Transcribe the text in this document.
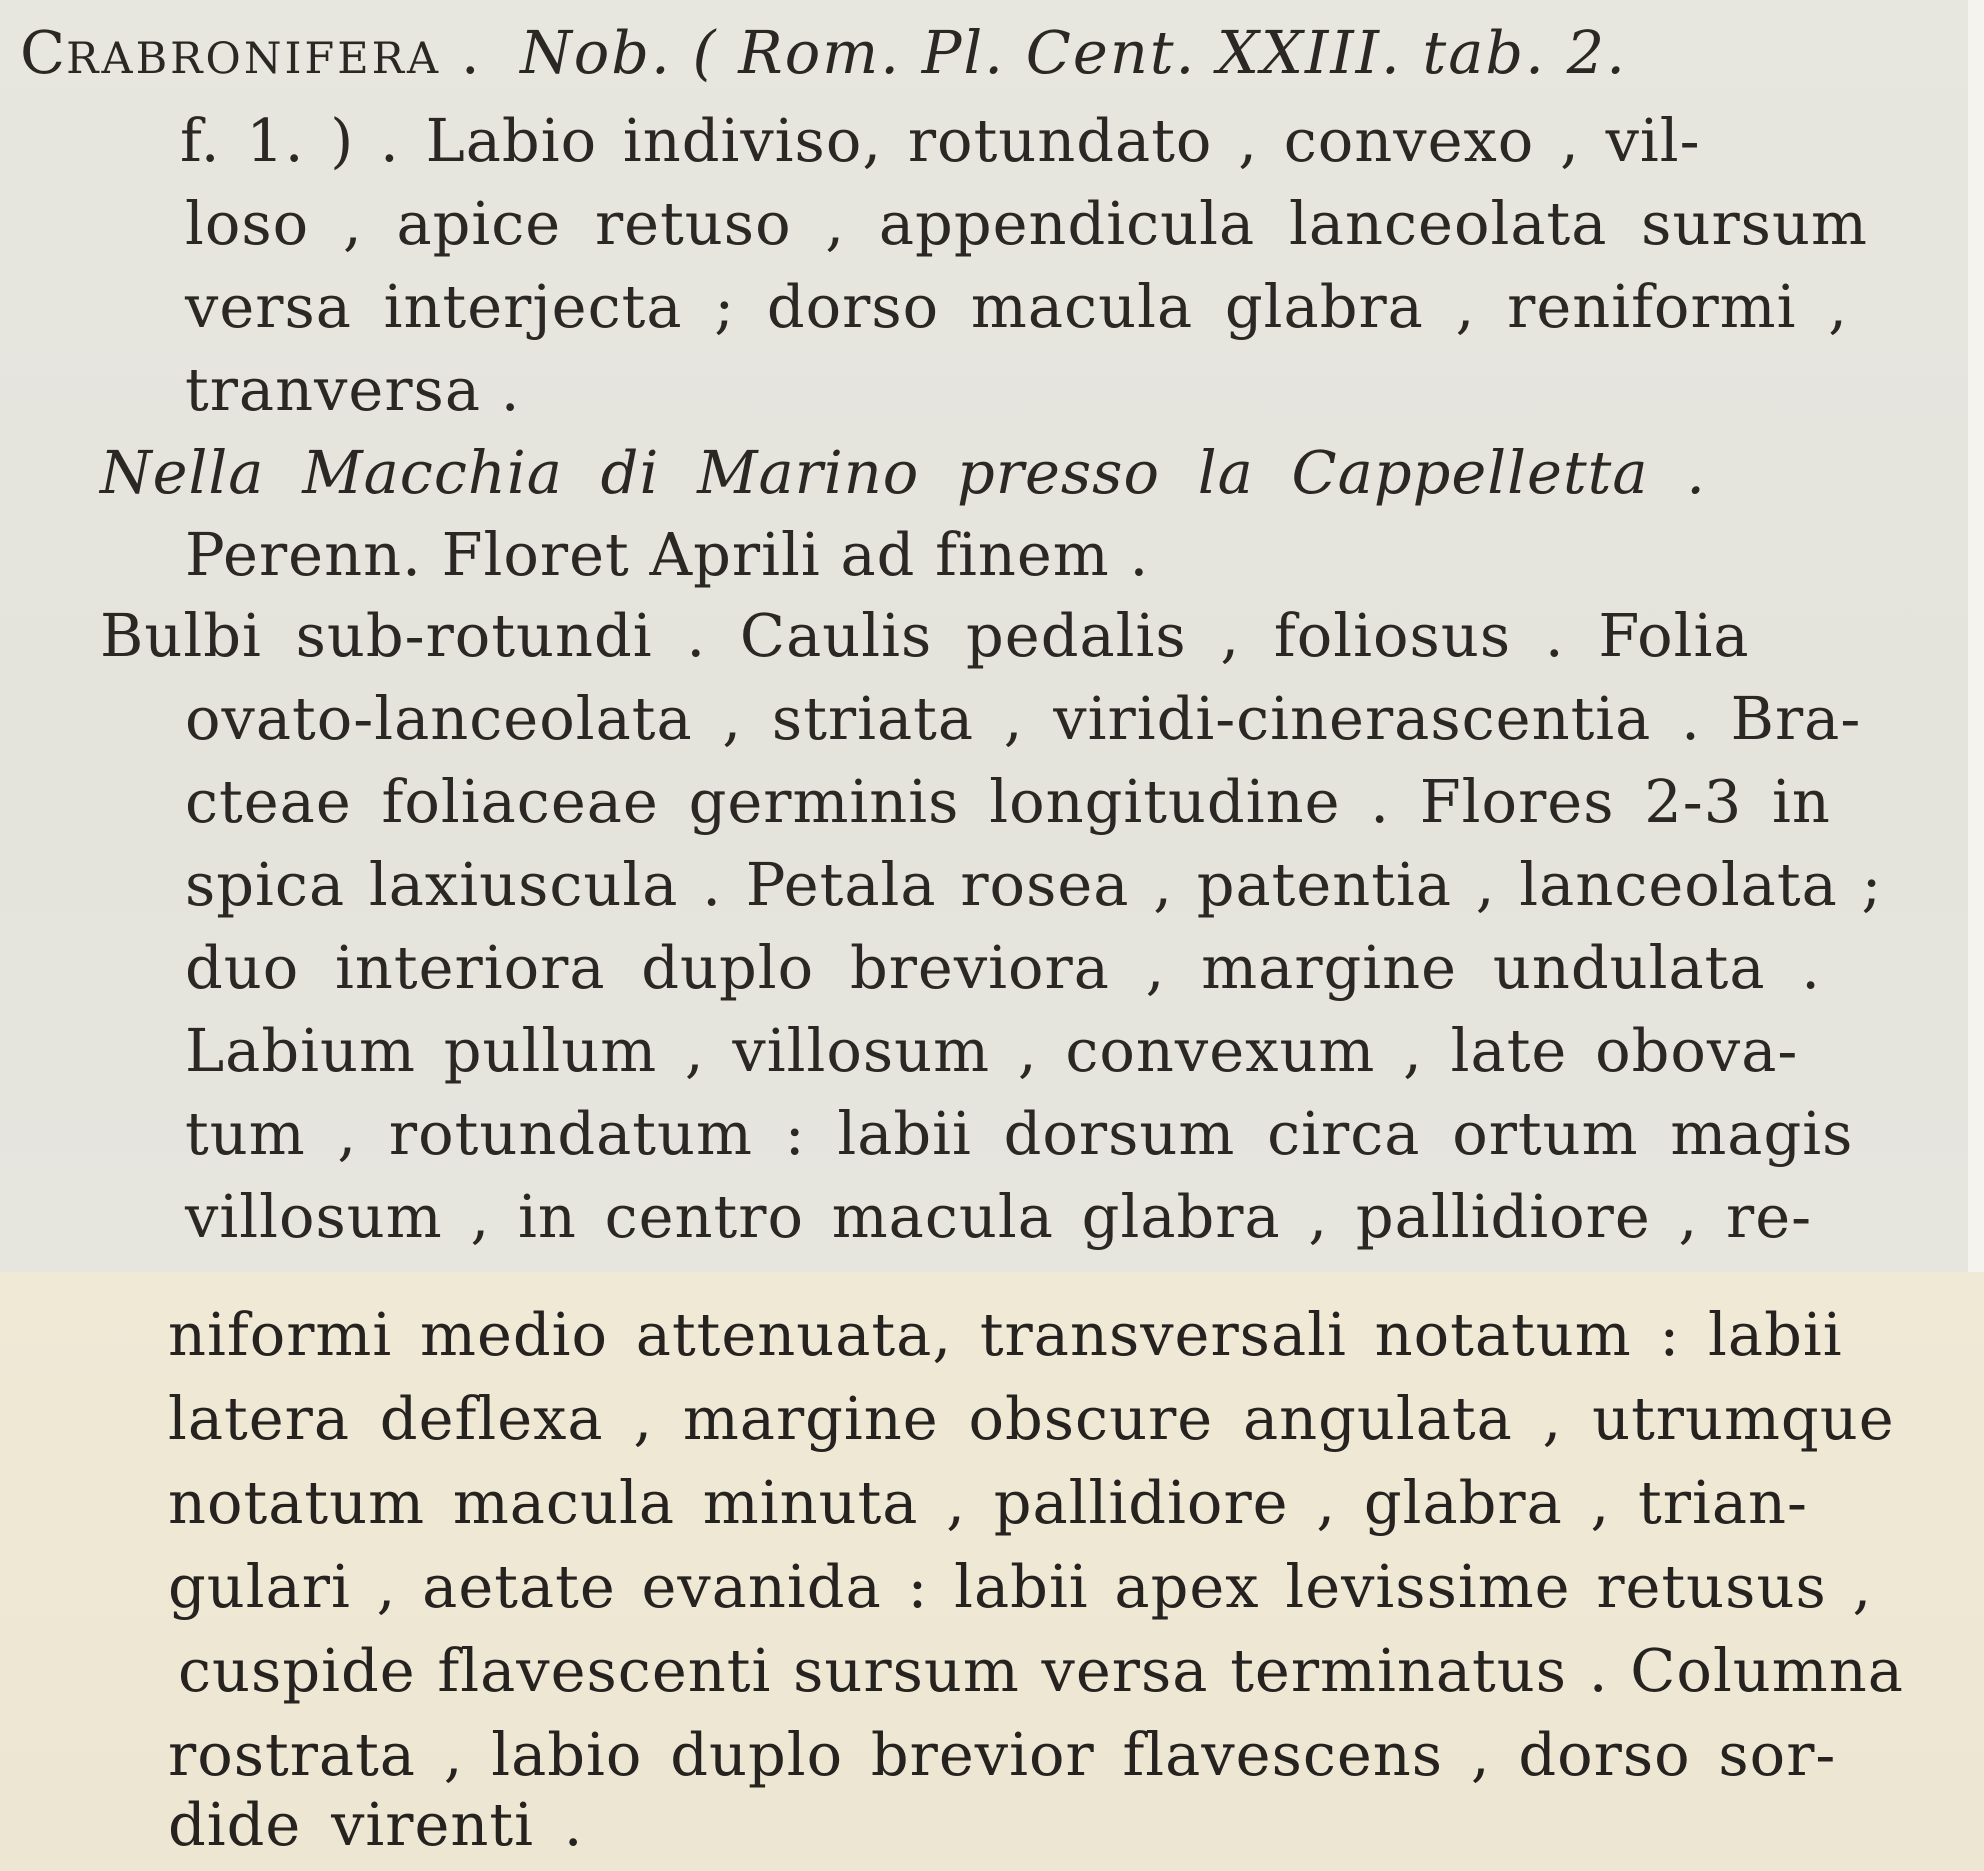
CRABRONIFERA .  Nob. ( Rom. Pl. Cent. XXIII. tab. 2.
f. 1. ) . Labio indiviso, rotundato , convexo , vil-
loso , apice retuso , appendicula lanceolata sursum
versa interjecta ; dorso macula glabra , reniformi ,
tranversa .
Nella Macchia di Marino presso la Cappelletta .
Perenn. Floret Aprili ad finem .
Bulbi sub-rotundi . Caulis pedalis , foliosus . Folia
ovato-lanceolata , striata , viridi-cinerascentia . Bra-
cteae foliaceae germinis longitudine . Flores 2-3 in
spica laxiuscula . Petala rosea , patentia , lanceolata ;
duo interiora duplo breviora , margine undulata .
Labium pullum , villosum , convexum , late obova-
tum , rotundatum : labii dorsum circa ortum magis
villosum , in centro macula glabra , pallidiore , re-
niformi medio attenuata, transversali notatum : labii
latera deflexa , margine obscure angulata , utrumque
notatum macula minuta , pallidiore , glabra , trian-
gulari , aetate evanida : labii apex levissime retusus ,
cuspide flavescenti sursum versa terminatus . Columna
rostrata , labio duplo brevior flavescens , dorso sor-
dide virenti .
